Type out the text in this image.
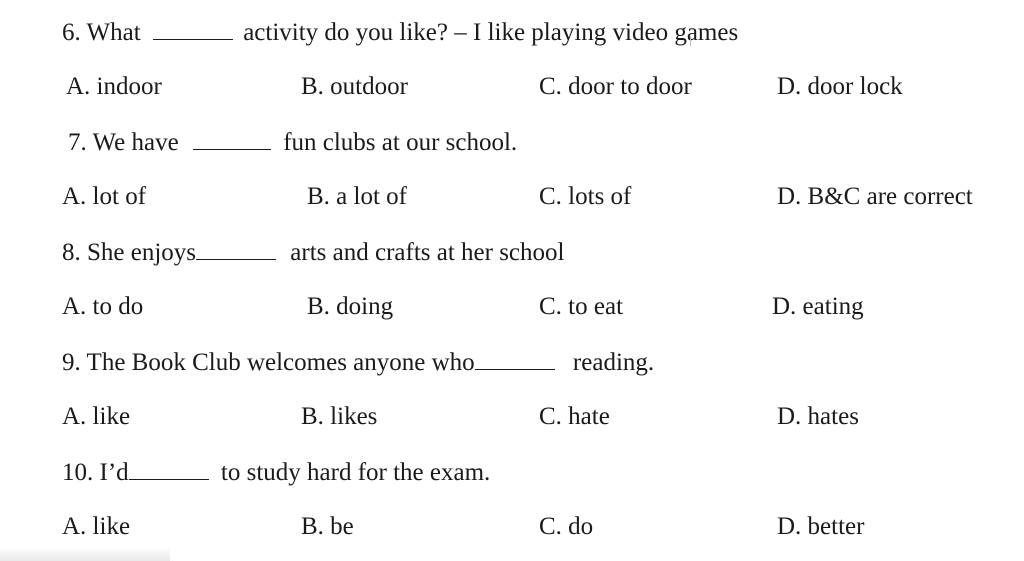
6. What	activity do you like? – I like playing video games
A. indoor	B. outdoor	C. door to door	D. door lock
7. We have	fun clubs at our school.
A. lot of	B. a lot of	C. lots of	D. B&C are correct
8. She enjoys	arts and crafts at her school
A. to do	B. doing	C. to eat	D. eating
9. The Book Club welcomes anyone who	reading.
A. like	B. likes	C. hate	D. hates
10. I’d	to study hard for the exam.
A. like	B. be	C. do	D. better
